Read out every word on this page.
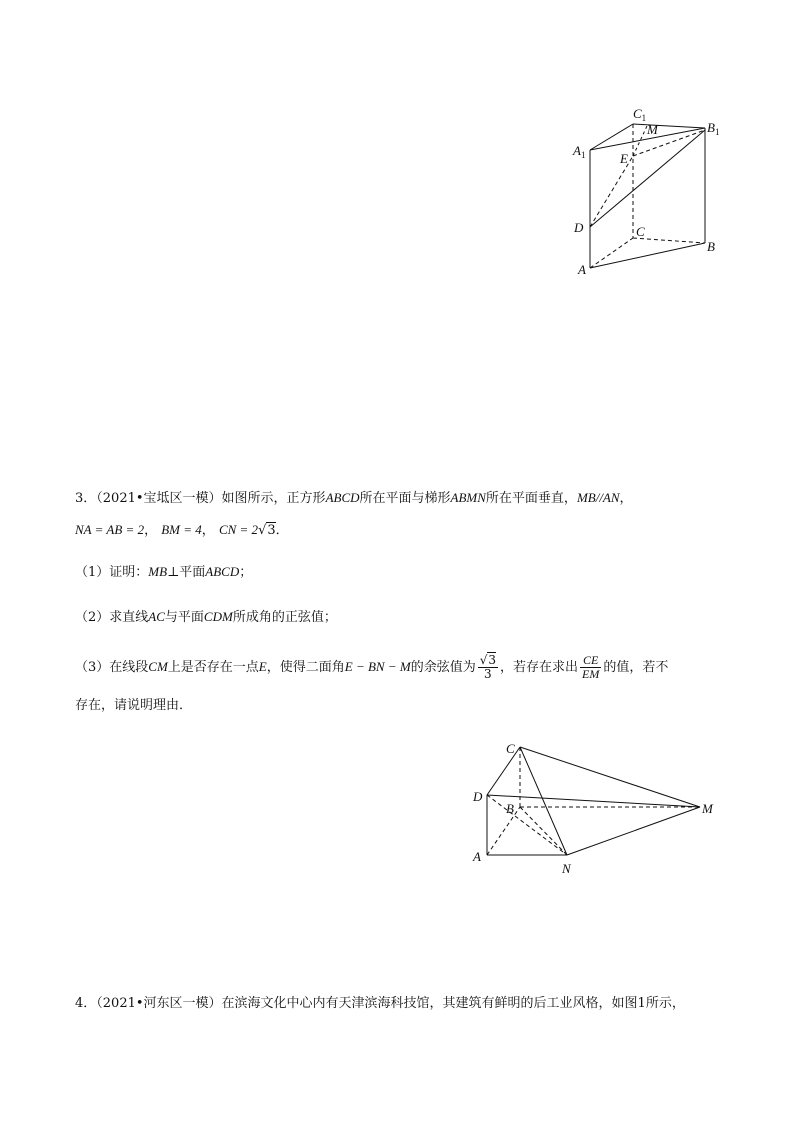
$C_1$
M	$B_1$
$A_1$	E
D	C
B
A
3．（2021•宝坻区一模）如图所示，正方形ABCD所在平面与梯形ABMN所在平面垂直，MB//AN，
NA = AB = 2， BM = 4， CN = 2√3．
（1）证明：MB⊥平面ABCD；
（2）求直线AC与平面CDM所成角的正弦值；
（3）在线段CM上是否存在一点E，使得二面角E − BN − M的余弦值为 $\frac{√3}{3}$ ，若存在求出 $\frac{CE}{EM}$ 的值，若不
存在，请说明理由．
C
D
B	M
A
N
4．（2021•河东区一模）在滨海文化中心内有天津滨海科技馆，其建筑有鲜明的后工业风格，如图1所示，
